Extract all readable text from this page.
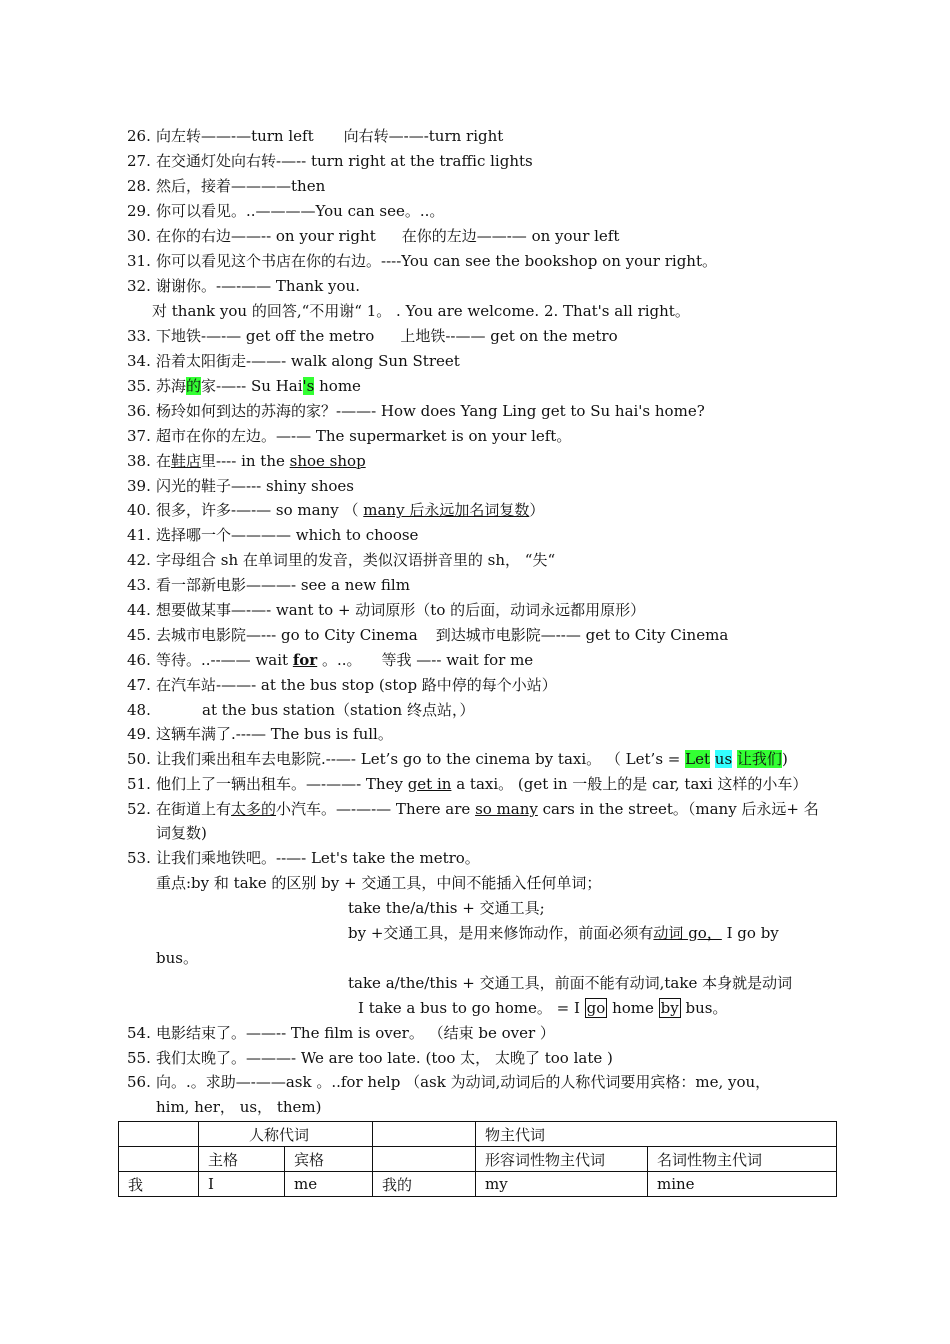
26. 向左转——-—turn left 向右转—-—-turn right
27. 在交通灯处向右转-—-- turn right at the traffic lights
28. 然后，接着————then
29. 你可以看见。..————You can see。..。
30. 在你的右边——-- on your right 在你的左边——-— on your left
31. 你可以看见这个书店在你的右边。----You can see the bookshop on your right。
32. 谢谢你。-—-—— Thank you.
对 thank you 的回答,“不用谢“ 1。 . You are welcome. 2. That's all right。
33. 下地铁-—-— get off the metro 上地铁--—— get on the metro
34. 沿着太阳街走-——- walk along Sun Street
35. 苏海的家-—-- Su Hai's home
36. 杨玲如何到达的苏海的家？-——- How does Yang Ling get to Su hai's home?
37. 超市在你的左边。—-— The supermarket is on your left。
38. 在鞋店里---- in the shoe shop
39. 闪光的鞋子—--- shiny shoes
40. 很多，许多-—-— so many （ many 后永远加名词复数）
41. 选择哪一个———— which to choose
42. 字母组合 sh 在单词里的发音，类似汉语拼音里的 sh， “失“
43. 看一部新电影———- see a new film
44. 想要做某事—-—- want to + 动词原形（to 的后面，动词永远都用原形）
45. 去城市电影院—--- go to City Cinema 到达城市电影院—--— get to City Cinema
46. 等待。..--—— wait for 。..。 等我 —-- wait for me
47. 在汽车站-——- at the bus stop (stop 路中停的每个小站）
48.	at the bus station（station 终点站，）
49. 这辆车满了.---— The bus is full。
50. 让我们乘出租车去电影院.--—- Let’s go to the cinema by taxi。 （ Let’s = Let us 让我们)
51. 他们上了一辆出租车。—-——- They get in a taxi。 (get in 一般上的是 car, taxi 这样的小车）
52. 在街道上有太多的小汽车。—-—-— There are so many cars in the street。（many 后永远+ 名
词复数)
53. 让我们乘地铁吧。--—- Let's take the metro。
重点:by 和 take 的区别 by + 交通工具，中间不能插入任何单词；
take the/a/this + 交通工具;
by +交通工具，是用来修饰动作，前面必须有动词 go， I go by
bus。
take a/the/this + 交通工具，前面不能有动词,take 本身就是动词
I take a bus to go home。 = I go home by bus。
54. 电影结束了。——-- The film is over。 （结束 be over ）
55. 我们太晚了。———- We are too late. (too 太， 太晚了 too late )
56. 向。.。求助—-——ask 。..for help （ask 为动词,动词后的人称代词要用宾格：me, you，
him, her， us， them)
	人称代词			物主代词	
	主格	宾格		形容词性物主代词	名词性物主代词
我	I	me	我的	my	mine
